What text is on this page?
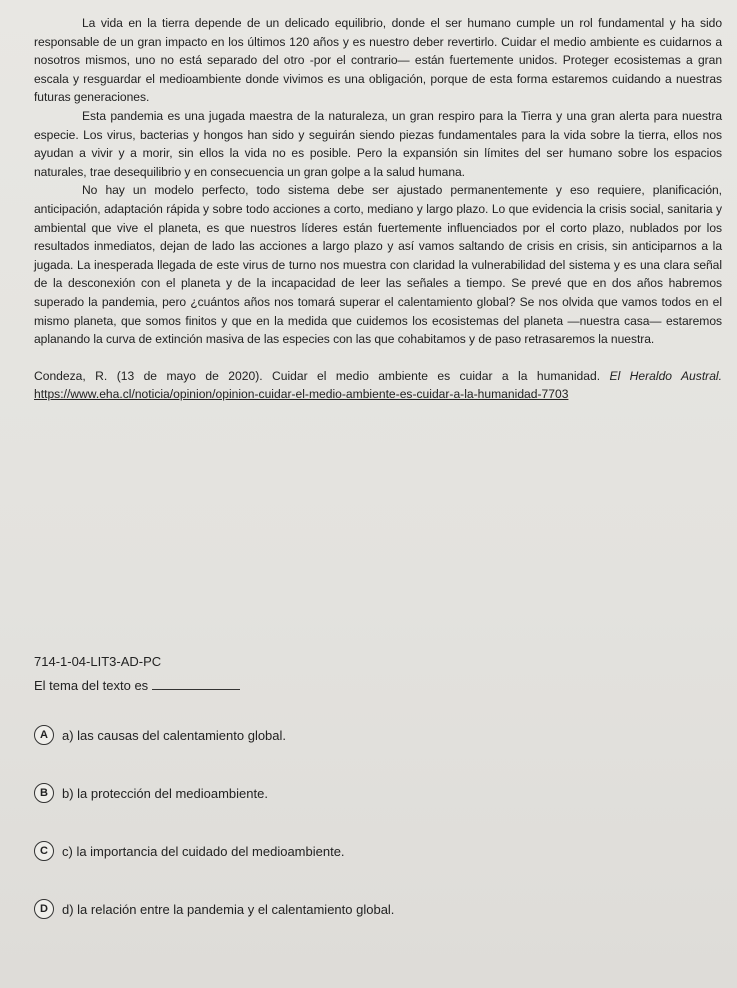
La vida en la tierra depende de un delicado equilibrio, donde el ser humano cumple un rol fundamental y ha sido responsable de un gran impacto en los últimos 120 años y es nuestro deber revertirlo. Cuidar el medio ambiente es cuidarnos a nosotros mismos, uno no está separado del otro -por el contrario— están fuertemente unidos. Proteger ecosistemas a gran escala y resguardar el medioambiente donde vivimos es una obligación, porque de esta forma estaremos cuidando a nuestras futuras generaciones.

Esta pandemia es una jugada maestra de la naturaleza, un gran respiro para la Tierra y una gran alerta para nuestra especie. Los virus, bacterias y hongos han sido y seguirán siendo piezas fundamentales para la vida sobre la tierra, ellos nos ayudan a vivir y a morir, sin ellos la vida no es posible. Pero la expansión sin límites del ser humano sobre los espacios naturales, trae desequilibrio y en consecuencia un gran golpe a la salud humana.

No hay un modelo perfecto, todo sistema debe ser ajustado permanentemente y eso requiere, planificación, anticipación, adaptación rápida y sobre todo acciones a corto, mediano y largo plazo. Lo que evidencia la crisis social, sanitaria y ambiental que vive el planeta, es que nuestros líderes están fuertemente influenciados por el corto plazo, nublados por los resultados inmediatos, dejan de lado las acciones a largo plazo y así vamos saltando de crisis en crisis, sin anticiparnos a la jugada. La inesperada llegada de este virus de turno nos muestra con claridad la vulnerabilidad del sistema y es una clara señal de la desconexión con el planeta y de la incapacidad de leer las señales a tiempo. Se prevé que en dos años habremos superado la pandemia, pero ¿cuántos años nos tomará superar el calentamiento global? Se nos olvida que vamos todos en el mismo planeta, que somos finitos y que en la medida que cuidemos los ecosistemas del planeta —nuestra casa— estaremos aplanando la curva de extinción masiva de las especies con las que cohabitamos y de paso retrasaremos la nuestra.

Condeza, R. (13 de mayo de 2020). Cuidar el medio ambiente es cuidar a la humanidad. El Heraldo Austral. https://www.eha.cl/noticia/opinion/opinion-cuidar-el-medio-ambiente-es-cuidar-a-la-humanidad-7703

714-1-04-LIT3-AD-PC

El tema del texto es

A	a) las causas del calentamiento global.
B	b) la protección del medioambiente.
C	c) la importancia del cuidado del medioambiente.
D	d) la relación entre la pandemia y el calentamiento global.
